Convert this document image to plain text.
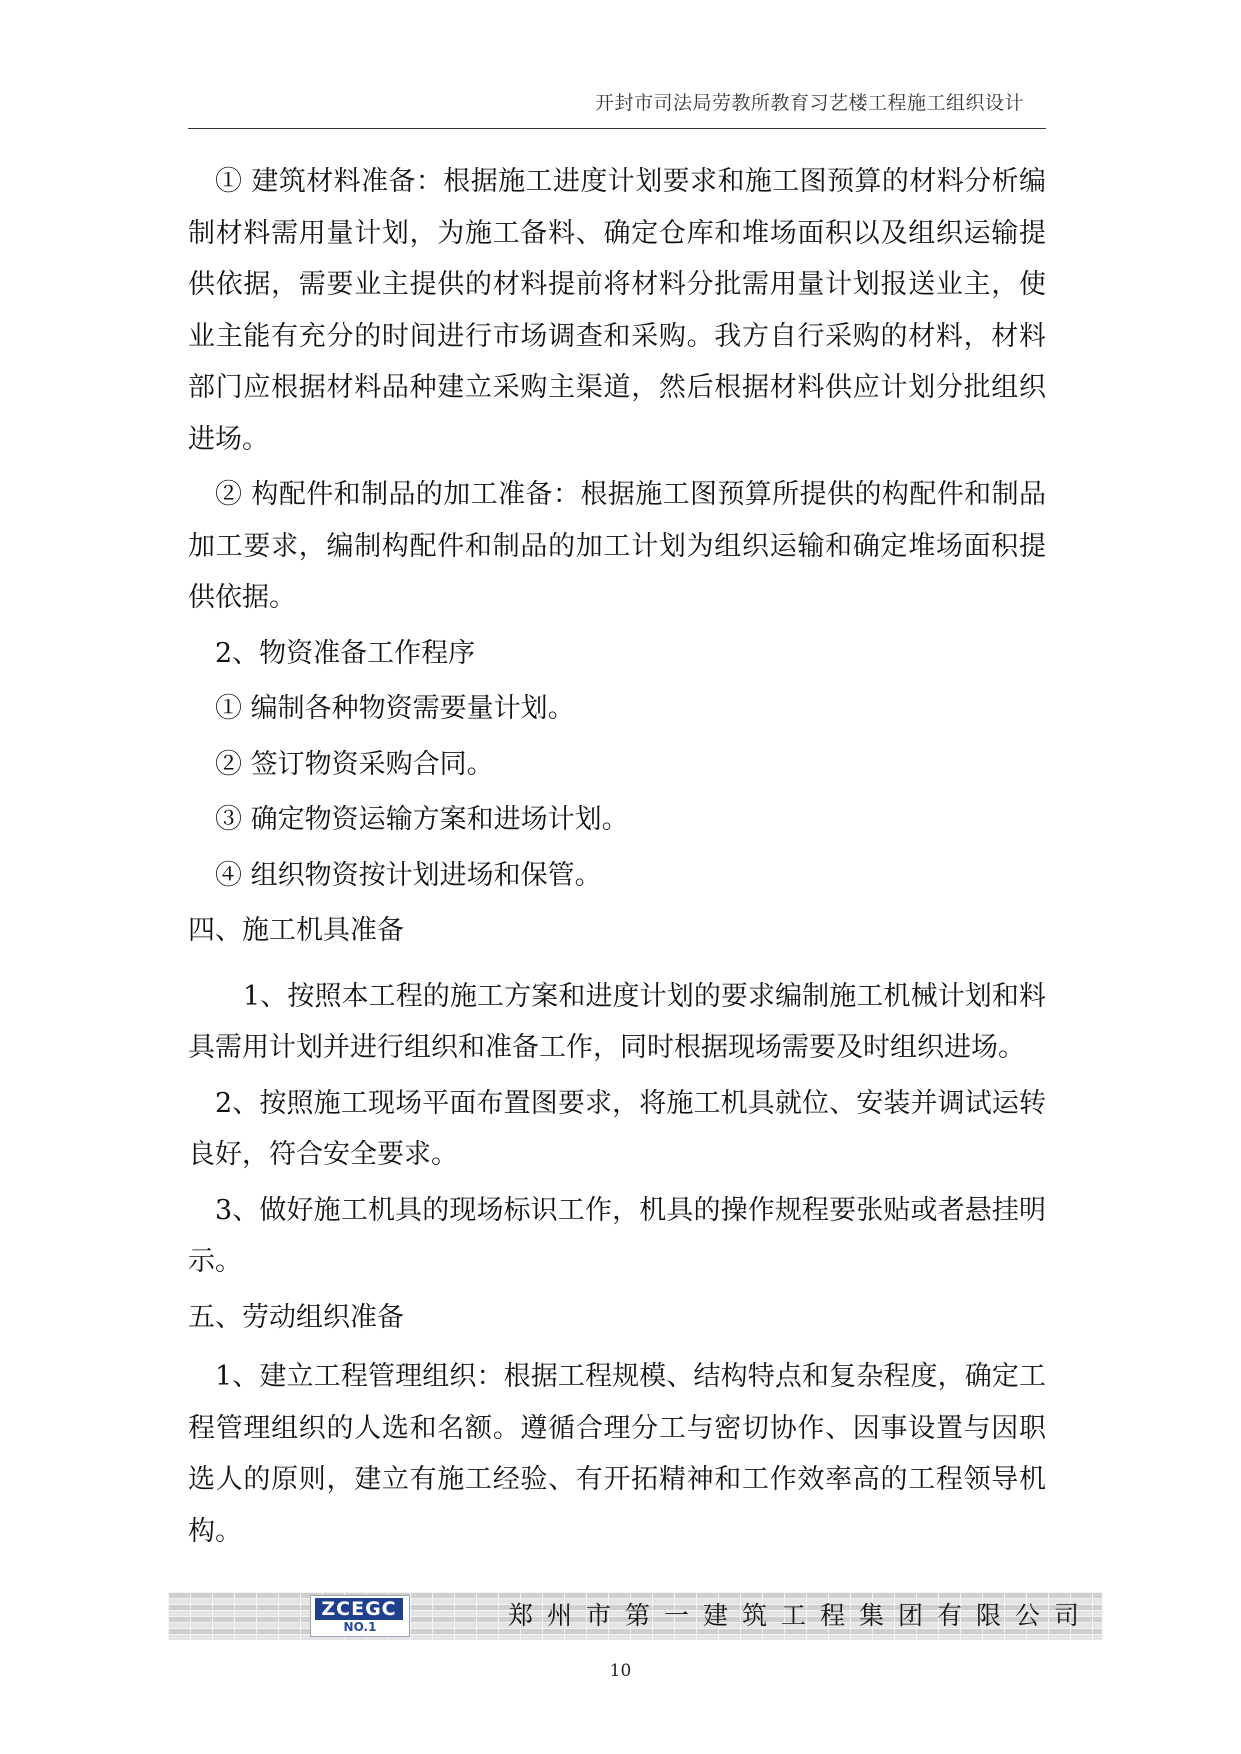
开封市司法局劳教所教育习艺楼工程施工组织设计

① 建筑材料准备：根据施工进度计划要求和施工图预算的材料分析编制材料需用量计划，为施工备料、确定仓库和堆场面积以及组织运输提供依据，需要业主提供的材料提前将材料分批需用量计划报送业主，使业主能有充分的时间进行市场调查和采购。我方自行采购的材料，材料部门应根据材料品种建立采购主渠道，然后根据材料供应计划分批组织进场。

② 构配件和制品的加工准备：根据施工图预算所提供的构配件和制品加工要求，编制构配件和制品的加工计划为组织运输和确定堆场面积提供依据。

2、物资准备工作程序

① 编制各种物资需要量计划。

② 签订物资采购合同。

③ 确定物资运输方案和进场计划。

④ 组织物资按计划进场和保管。

四、施工机具准备

1、按照本工程的施工方案和进度计划的要求编制施工机械计划和料具需用计划并进行组织和准备工作，同时根据现场需要及时组织进场。

2、按照施工现场平面布置图要求，将施工机具就位、安装并调试运转良好，符合安全要求。

3、做好施工机具的现场标识工作，机具的操作规程要张贴或者悬挂明示。

五、劳动组织准备

1、建立工程管理组织：根据工程规模、结构特点和复杂程度，确定工程管理组织的人选和名额。遵循合理分工与密切协作、因事设置与因职选人的原则，建立有施工经验、有开拓精神和工作效率高的工程领导机构。

ZCEGC
NO.1	郑州市第一建筑工程集团有限公司
10
